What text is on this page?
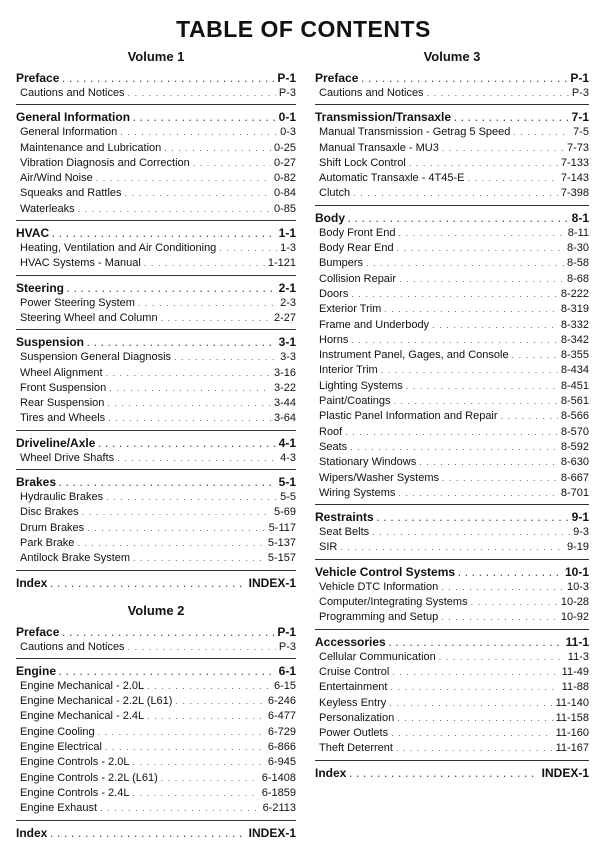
TABLE OF CONTENTS
Volume 1
Preface . . .	P-1
Cautions and Notices . . .	P-3
General Information . . .	0-1
General Information . . .	0-3
Maintenance and Lubrication . . .	0-25
Vibration Diagnosis and Correction . . .	0-27
Air/Wind Noise . . .	0-82
Squeaks and Rattles . . .	0-84
Waterleaks . . .	0-85
HVAC . . .	1-1
Heating, Ventilation and Air Conditioning . . .	1-3
HVAC Systems - Manual . . .	1-121
Steering . . .	2-1
Power Steering System . . .	2-3
Steering Wheel and Column . . .	2-27
Suspension . . .	3-1
Suspension General Diagnosis . . .	3-3
Wheel Alignment . . .	3-16
Front Suspension . . .	3-22
Rear Suspension . . .	3-44
Tires and Wheels . . .	3-64
Driveline/Axle . . .	4-1
Wheel Drive Shafts . . .	4-3
Brakes . . .	5-1
Hydraulic Brakes . . .	5-5
Disc Brakes . . .	5-69
Drum Brakes . . .	5-117
Park Brake . . .	5-137
Antilock Brake System . . .	5-157
Index . . .	INDEX-1
Volume 2
Preface . . .	P-1
Cautions and Notices . . .	P-3
Engine . . .	6-1
Engine Mechanical - 2.0L . . .	6-15
Engine Mechanical - 2.2L (L61) . . .	6-246
Engine Mechanical - 2.4L . . .	6-477
Engine Cooling . . .	6-729
Engine Electrical . . .	6-866
Engine Controls - 2.0L . . .	6-945
Engine Controls - 2.2L (L61) . . .	6-1408
Engine Controls - 2.4L . . .	6-1859
Engine Exhaust . . .	6-2113
Index . . .	INDEX-1
Volume 3
Preface . . .	P-1
Cautions and Notices . . .	P-3
Transmission/Transaxle . . .	7-1
Manual Transmission - Getrag 5 Speed . . .	7-5
Manual Transaxle - MU3 . . .	7-73
Shift Lock Control . . .	7-133
Automatic Transaxle - 4T45-E . . .	7-143
Clutch . . .	7-398
Body . . .	8-1
Body Front End . . .	8-11
Body Rear End . . .	8-30
Bumpers . . .	8-58
Collision Repair . . .	8-68
Doors . . .	8-222
Exterior Trim . . .	8-319
Frame and Underbody . . .	8-332
Horns . . .	8-342
Instrument Panel, Gages, and Console . . .	8-355
Interior Trim . . .	8-434
Lighting Systems . . .	8-451
Paint/Coatings . . .	8-561
Plastic Panel Information and Repair . . .	8-566
Roof . . .	8-570
Seats . . .	8-592
Stationary Windows . . .	8-630
Wipers/Washer Systems . . .	8-667
Wiring Systems . . .	8-701
Restraints . . .	9-1
Seat Belts . . .	9-3
SIR . . .	9-19
Vehicle Control Systems . . .	10-1
Vehicle DTC Information . . .	10-3
Computer/Integrating Systems . . .	10-28
Programming and Setup . . .	10-92
Accessories . . .	11-1
Cellular Communication . . .	11-3
Cruise Control . . .	11-49
Entertainment . . .	11-88
Keyless Entry . . .	11-140
Personalization . . .	11-158
Power Outlets . . .	11-160
Theft Deterrent . . .	11-167
Index . . .	INDEX-1
